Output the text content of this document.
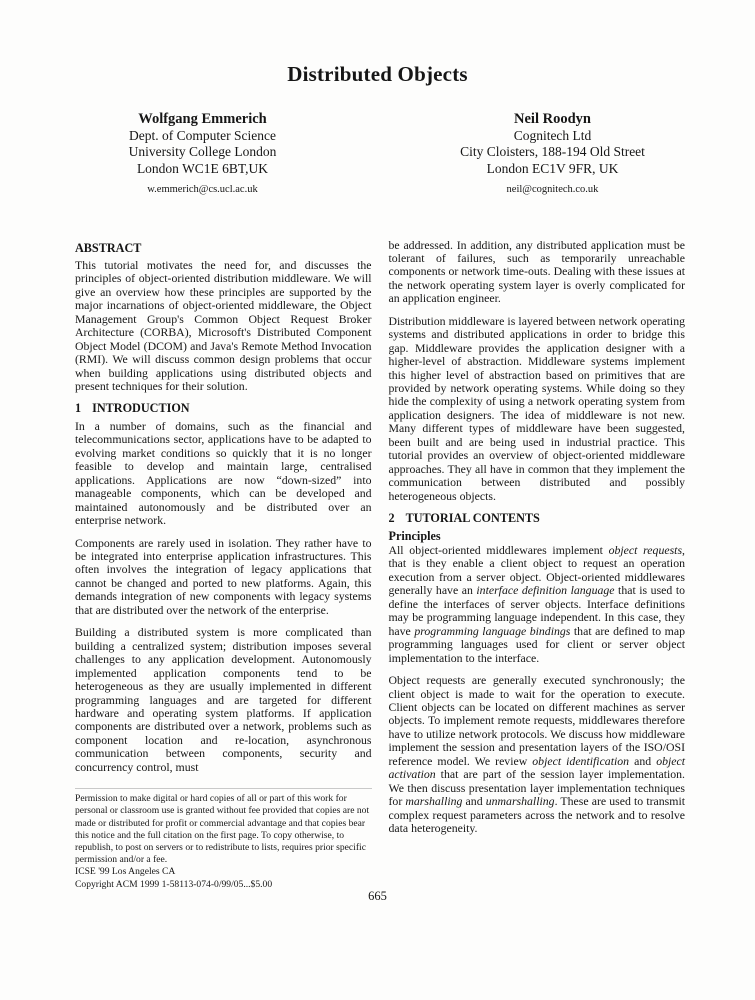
Distributed Objects
Wolfgang Emmerich
Dept. of Computer Science
University College London
London WC1E 6BT,UK
w.emmerich@cs.ucl.ac.uk
Neil Roodyn
Cognitech Ltd
City Cloisters, 188-194 Old Street
London EC1V 9FR, UK
neil@cognitech.co.uk
ABSTRACT

This tutorial motivates the need for, and discusses the principles of object-oriented distribution middleware. We will give an overview how these principles are supported by the major incarnations of object-oriented middleware, the Object Management Group's Common Object Request Broker Architecture (CORBA), Microsoft's Distributed Component Object Model (DCOM) and Java's Remote Method Invocation (RMI). We will discuss common design problems that occur when building applications using distributed objects and present techniques for their solution.

1 INTRODUCTION

In a number of domains, such as the financial and telecommunications sector, applications have to be adapted to evolving market conditions so quickly that it is no longer feasible to develop and maintain large, centralised applications. Applications are now “down-sized” into manageable components, which can be developed and maintained autonomously and be distributed over an enterprise network.

Components are rarely used in isolation. They rather have to be integrated into enterprise application infrastructures. This often involves the integration of legacy applications that cannot be changed and ported to new platforms. Again, this demands integration of new components with legacy systems that are distributed over the network of the enterprise.

Building a distributed system is more complicated than building a centralized system; distribution imposes several challenges to any application development. Autonomously implemented application components tend to be heterogeneous as they are usually implemented in different programming languages and are targeted for different hardware and operating system platforms. If application components are distributed over a network, problems such as component location and re-location, asynchronous communication between components, security and concurrency control, must

Permission to make digital or hard copies of all or part of this work for personal or classroom use is granted without fee provided that copies are not made or distributed for profit or commercial advantage and that copies bear this notice and the full citation on the first page. To copy otherwise, to republish, to post on servers or to redistribute to lists, requires prior specific permission and/or a fee.

ICSE '99 Los Angeles CA

Copyright ACM 1999 1-58113-074-0/99/05...$5.00

be addressed. In addition, any distributed application must be tolerant of failures, such as temporarily unreachable components or network time-outs. Dealing with these issues at the network operating system layer is overly complicated for an application engineer.

Distribution middleware is layered between network operating systems and distributed applications in order to bridge this gap. Middleware provides the application designer with a higher-level of abstraction. Middleware systems implement this higher level of abstraction based on primitives that are provided by network operating systems. While doing so they hide the complexity of using a network operating system from application designers. The idea of middleware is not new. Many different types of middleware have been suggested, been built and are being used in industrial practice. This tutorial provides an overview of object-oriented middleware approaches. They all have in common that they implement the communication between distributed and possibly heterogeneous objects.

2 TUTORIAL CONTENTS
Principles

All object-oriented middlewares implement object requests, that is they enable a client object to request an operation execution from a server object. Object-oriented middlewares generally have an interface definition language that is used to define the interfaces of server objects. Interface definitions may be programming language independent. In this case, they have programming language bindings that are defined to map programming languages used for client or server object implementation to the interface.

Object requests are generally executed synchronously; the client object is made to wait for the operation to execute. Client objects can be located on different machines as server objects. To implement remote requests, middlewares therefore have to utilize network protocols. We discuss how middleware implement the session and presentation layers of the ISO/OSI reference model. We review object identification and object activation that are part of the session layer implementation. We then discuss presentation layer implementation techniques for marshalling and unmarshalling. These are used to transmit complex request parameters across the network and to resolve data heterogeneity.

665
